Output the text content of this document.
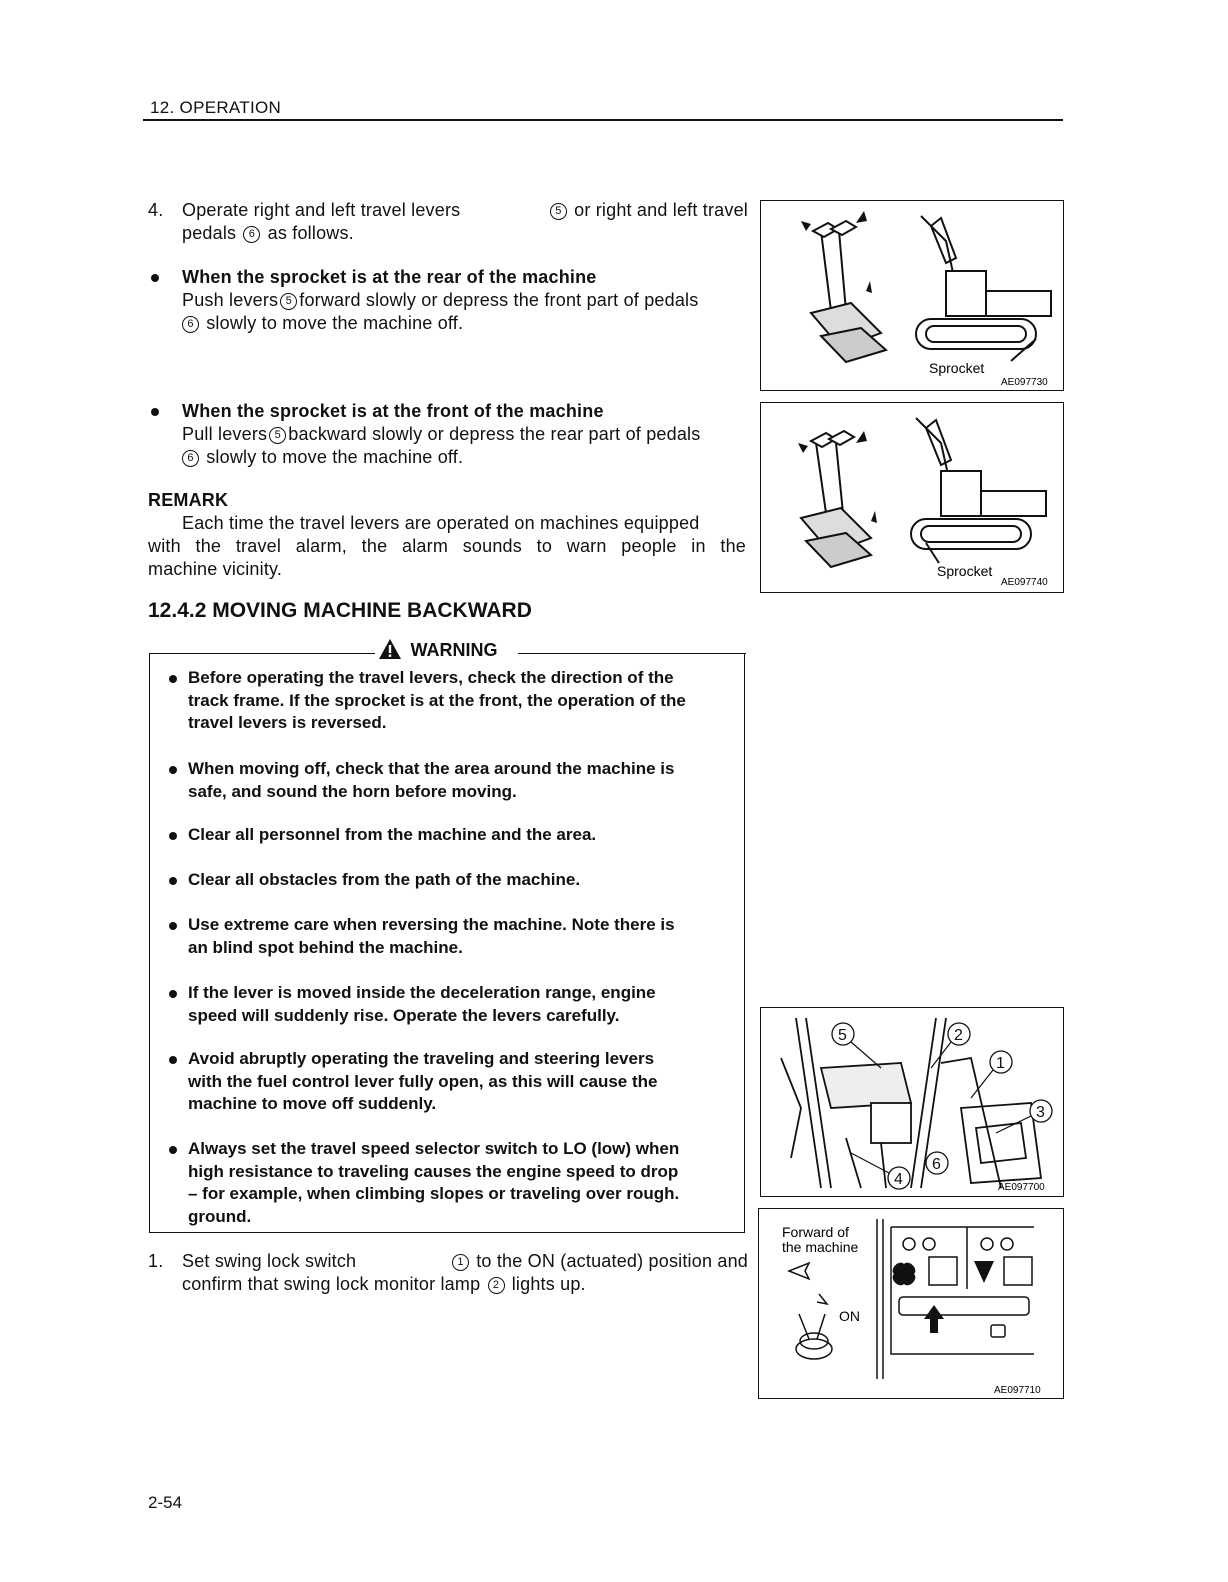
12. OPERATION
4. Operate right and left travel levers	5 or right and left travel
pedals 6 as follows.
When the sprocket is at the rear of the machine
Push levers 5 forward slowly or depress the front part of pedals
6 slowly to move the machine off.
When the sprocket is at the front of the machine
Pull levers 5 backward slowly or depress the rear part of pedals
6 slowly to move the machine off.
REMARK
Each time the travel levers are operated on machines equipped
with the travel alarm, the alarm sounds to warn people in the
machine vicinity.
12.4.2 MOVING MACHINE BACKWARD
WARNING
Before operating the travel levers, check the direction of the
track frame. If the sprocket is at the front, the operation of the
travel levers is reversed.
When moving off, check that the area around the machine is
safe, and sound the horn before moving.
Clear all personnel from the machine and the area.
Clear all obstacles from the path of the machine.
Use extreme care when reversing the machine. Note there is
an blind spot behind the machine.
If the lever is moved inside the deceleration range, engine
speed will suddenly rise. Operate the levers carefully.
Avoid abruptly operating the traveling and steering levers
with the fuel control lever fully open, as this will cause the
machine to move off suddenly.
Always set the travel speed selector switch to LO (low) when
high resistance to traveling causes the engine speed to drop
– for example, when climbing slopes or traveling over rough.
ground.
1. Set swing lock switch	1 to the ON (actuated) position and
confirm that swing lock monitor lamp 2 lights up.
Sprocket
AE097730
Sprocket
AE097740
5	2
1
3
6
4	AE097700
Forward of
the machine
ON
AE097710
2-54
